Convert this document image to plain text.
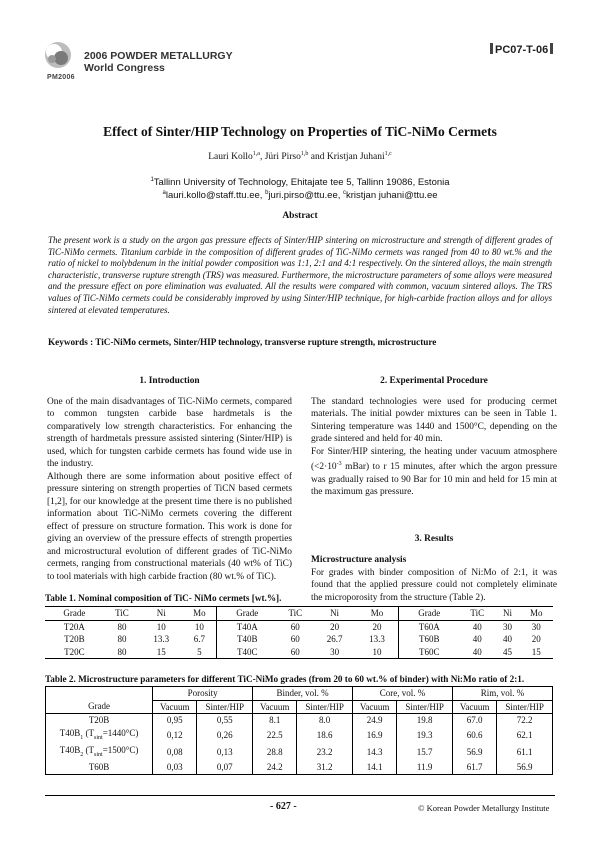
PM2006
2006 POWDER METALLURGY
World Congress
PC07-T-06
Effect of Sinter/HIP Technology on Properties of TiC-NiMo Cermets
Lauri Kollo$^{1,a}$, Jüri Pirso$^{1,b}$ and Kristjan Juhani$^{1,c}$
$^1$Tallinn University of Technology, Ehitajate tee 5, Tallinn 19086, Estonia
$^a$lauri.kollo@staff.ttu.ee, $^b$juri.pirso@ttu.ee, $^c$kristjan juhani@ttu.ee
Abstract
The present work is a study on the argon gas pressure effects of Sinter/HIP sintering on microstructure and strength of different grades of TiC-NiMo cermets. Titanium carbide in the composition of different grades of TiC-NiMo cermets was ranged from 40 to 80 wt.% and the ratio of nickel to molybdenum in the initial powder composition was 1:1, 2:1 and 4:1 respectively. On the sintered alloys, the main strength characteristic, transverse rupture strength (TRS) was measured. Furthermore, the microstructure parameters of some alloys were measured and the pressure effect on pore elimination was evaluated. All the results were compared with common, vacuum sintered alloys. The TRS values of TiC-NiMo cermets could be considerably improved by using Sinter/HIP technique, for high-carbide fraction alloys and for alloys sintered at elevated temperatures.
Keywords : TiC-NiMo cermets, Sinter/HIP technology, transverse rupture strength, microstructure
1. Introduction
One of the main disadvantages of TiC-NiMo cermets, compared to common tungsten carbide base hardmetals is the comparatively low strength characteristics. For enhancing the strength of hardmetals pressure assisted sintering (Sinter/HIP) is used, which for tungsten carbide cermets has found wide use in the industry.
Although there are some information about positive effect of pressure sintering on strength properties of TiCN based cermets [1,2], for our knowledge at the present time there is no published information about TiC-NiMo cermets covering the different effect of pressure on structure formation. This work is done for giving an overview of the pressure effects of strength properties and microstructural evolution of different grades of TiC-NiMo cermets, ranging from constructional materials (40 wt% of TiC) to tool materials with high carbide fraction (80 wt.% of TiC).
2. Experimental Procedure
The standard technologies were used for producing cermet materials. The initial powder mixtures can be seen in Table 1. Sintering temperature was 1440 and 1500°C, depending on the grade sintered and held for 40 min.
For Sinter/HIP sintering, the heating under vacuum atmosphere ($<2\cdot 10^{-3}$ mBar) to r 15 minutes, after which the argon pressure was gradually raised to 90 Bar for 10 min and held for 15 min at the maximum gas pressure.
3. Results
Microstructure analysis
For grades with binder composition of Ni:Mo of 2:1, it was found that the applied pressure could not completely eliminate the microporosity from the structure (Table 2).
Table 1. Nominal composition of TiC- NiMo cermets [wt.%].
Grade	TiC	Ni	Mo	Grade	TiC	Ni	Mo	Grade	TiC	Ni	Mo
T20A	80	10	10	T40A	60	20	20	T60A	40	30	30
T20B	80	13.3	6.7	T40B	60	26.7	13.3	T60B	40	40	20
T20C	80	15	5	T40C	60	30	10	T60C	40	45	15
Table 2. Microstructure parameters for different TiC-NiMo grades (from 20 to 60 wt.% of binder) with Ni:Mo ratio of 2:1.
	Porosity		Binder, vol. %		Core, vol. %		Rim, vol. %	
Grade	Vacuum	Sinter/HIP	Vacuum	Sinter/HIP	Vacuum	Sinter/HIP	Vacuum	Sinter/HIP
T20B	0,95	0,55	8.1	8.0	24.9	19.8	67.0	72.2
$T40B_1$ $(T_{sint}=1440^\circ C)$	0,12	0,26	22.5	18.6	16.9	19.3	60.6	62.1
$T40B_2$ $(T_{sint}=1500^\circ C)$	0,08	0,13	28.8	23.2	14.3	15.7	56.9	61.1
T60B	0,03	0,07	24.2	31.2	14.1	11.9	61.7	56.9
- 627 -	© Korean Powder Metallurgy Institute
